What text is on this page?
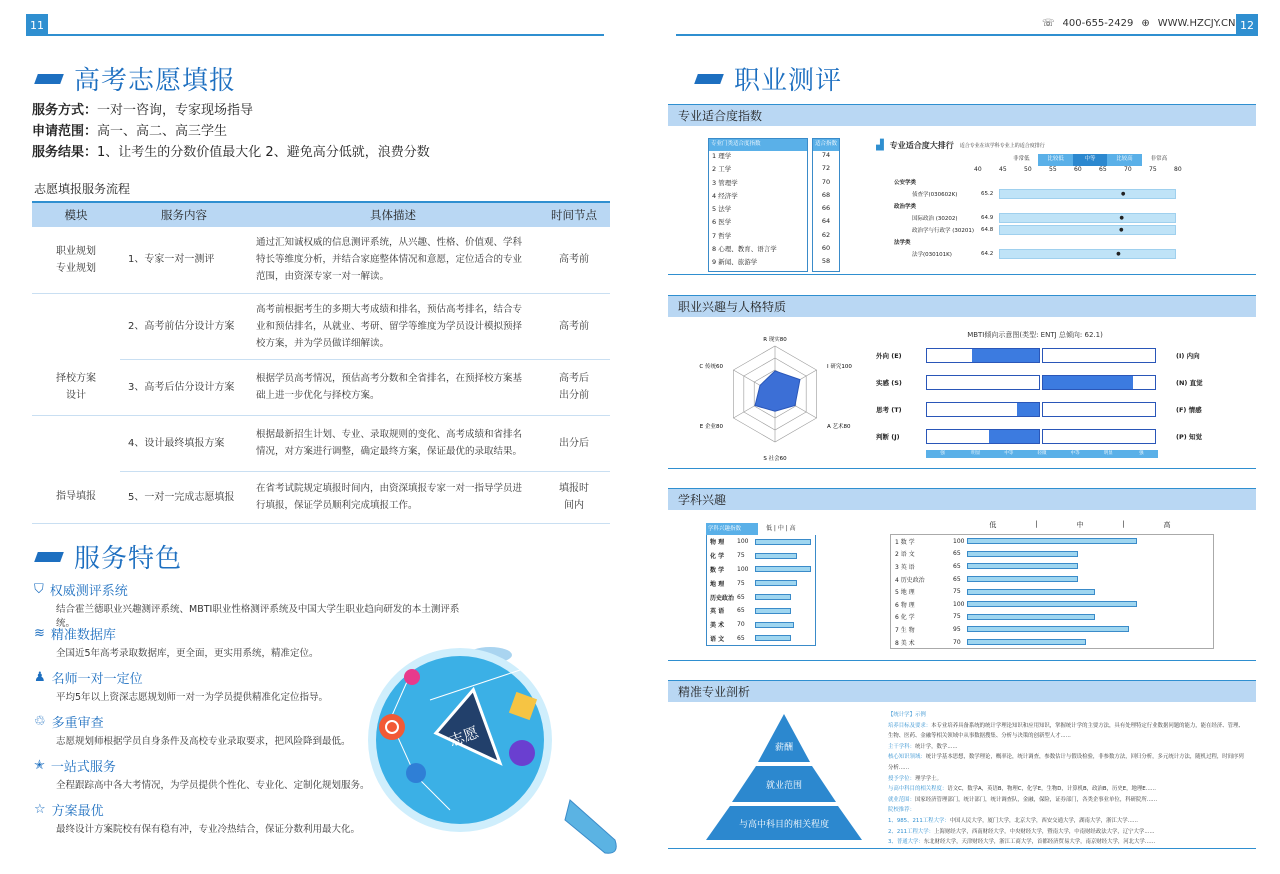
11
高考志愿填报

服务方式：一对一咨询，专家现场指导

申请范围：高一、高二、高三学生

服务结果：1、让考生的分数价值最大化 2、避免高分低就，浪费分数

志愿填报服务流程
模块	服务内容	具体描述	时间节点
职业规划
专业规划	1、专家一对一测评	通过汇知诚权威的信息测评系统，从兴趣、性格、价值观、学科特长等维度分析，并结合家庭整体情况和意愿，定位适合的专业范围，由资深专家一对一解读。	高考前
	2、高考前估分设计方案	高考前根据考生的多期大考成绩和排名，预估高考排名，结合专业和预估排名，从就业、考研、留学等维度为学员设计模拟预择校方案，并为学员做详细解读。	高考前
择校方案
设计	3、高考后估分设计方案	根据学员高考情况，预估高考分数和全省排名，在预择校方案基础上进一步优化与择校方案。	高考后
出分前
	4、设计最终填报方案	根据最新招生计划、专业、录取规则的变化、高考成绩和省排名情况，对方案进行调整，确定最终方案，保证最优的录取结果。	出分后
指导填报	5、一对一完成志愿填报	在省考试院规定填报时间内，由资深填报专家一对一指导学员进行填报，保证学员顺利完成填报工作。	填报时
间内
服务特色
⛉ 权威测评系统
结合霍兰德职业兴趣测评系统、MBTI职业性格测评系统及中国大学生职业趋向研发的本土测评系统。
≋ 精准数据库
全国近5年高考录取数据库，更全面，更实用系统，精准定位。
♟ 名师一对一定位
平均5年以上资深志愿规划师一对一为学员提供精准化定位指导。
♲ 多重审查
志愿规划师根据学员自身条件及高校专业录取要求，把风险降到最低。
✭ 一站式服务
全程跟踪高中各大考情况，为学员提供个性化、专业化、定制化规划服务。
☆ 方案最优
最终设计方案院校有保有稳有冲，专业冷热结合，保证分数利用最大化。
志愿
☏ 400-655-2429 ⊕ WWW.HZCJY.CN 12
职业测评
专业适合度指数
专业门类适合度指数
1 理学
2 工学
3 管理学
4 经济学
5 法学
6 医学
7 哲学
8 心理、教育、语言学
9 新闻、旅游学
适合指数
74
72
70
68
66
64
62
60
58
▟ 专业适合度大排行 适合专业在该学科专业上的适合度排行
非常低	比较低	中等	比较高	非常高
40	45	50	55	60	65	70	75	80
公安学类
侦查学(030602K)	65.2	●
政治学类
国际政治 (30202)	64.9	●
政治学与行政学 (30201)	64.8	●
法学类
法学(030101K)	64.2	●
职业兴趣与人格特质
R 现实80
I 研究100
A 艺术80
S 社会60
E 企业80
C 传统60
MBTI倾向示意图(类型: ENTJ 总倾向: 62.1)
外向 (E)	(I) 内向
实感 (S)	(N) 直觉
思考 (T)	(F) 情感
判断 (J)	(P) 知觉
强	明显	中等	轻微	中等	明显	强
学科兴趣
学科兴趣指数	低 | 中 | 高
物 理	100
化 学	75
数 学	100
地 理	75
历史政治 65
英 语	65
美 术	70
语 文	65
低	|	中	|	高
1 数 学	100
2 语 文	65
3 英 语	65
4 历史政治	65
5 地 理	75
6 物 理	100
6 化 学	75
7 生 物	95
8 美 术	70
精准专业剖析
薪酬
就业范围
与高中科目的相关程度
【统计学】示例
培养目标及要求：本专业培养具备系统的统计学理论知识和应用知识，掌握统计学的主要方法，具有处理特定行业数据问题的能力，能在经济、管理、生物、医药、金融等相关领域中从事数据搜集、分析与决策的创新型人才......
主干学科：统计学，数学......
核心知识领域：统计学基本思想，数学理论，概率论，统计调查，参数估计与假设检验，非参数方法，回归分析，多元统计方法，随机过程，时间序列分析......
授予学位：理学学士。
与高中科目的相关程度：语文C，数学A，英语B，物理C，化学E，生物D，计算机B，政治B，历史E，地理E......
就业范围：国家经济管理部门，统计部门，统计调查队，金融，保险，证券部门，各类企事业单位，科研院所......
院校推荐：
1、985、211工程大学：中国人民大学，厦门大学，北京大学，西安交通大学，湖南大学，浙江大学......
2、211工程大学：上海财经大学，西南财经大学，中央财经大学，暨南大学，中南财经政法大学，辽宁大学......
3、普通大学：东北财经大学，天津财经大学，浙江工商大学，首都经济贸易大学，南京财经大学，河北大学......
